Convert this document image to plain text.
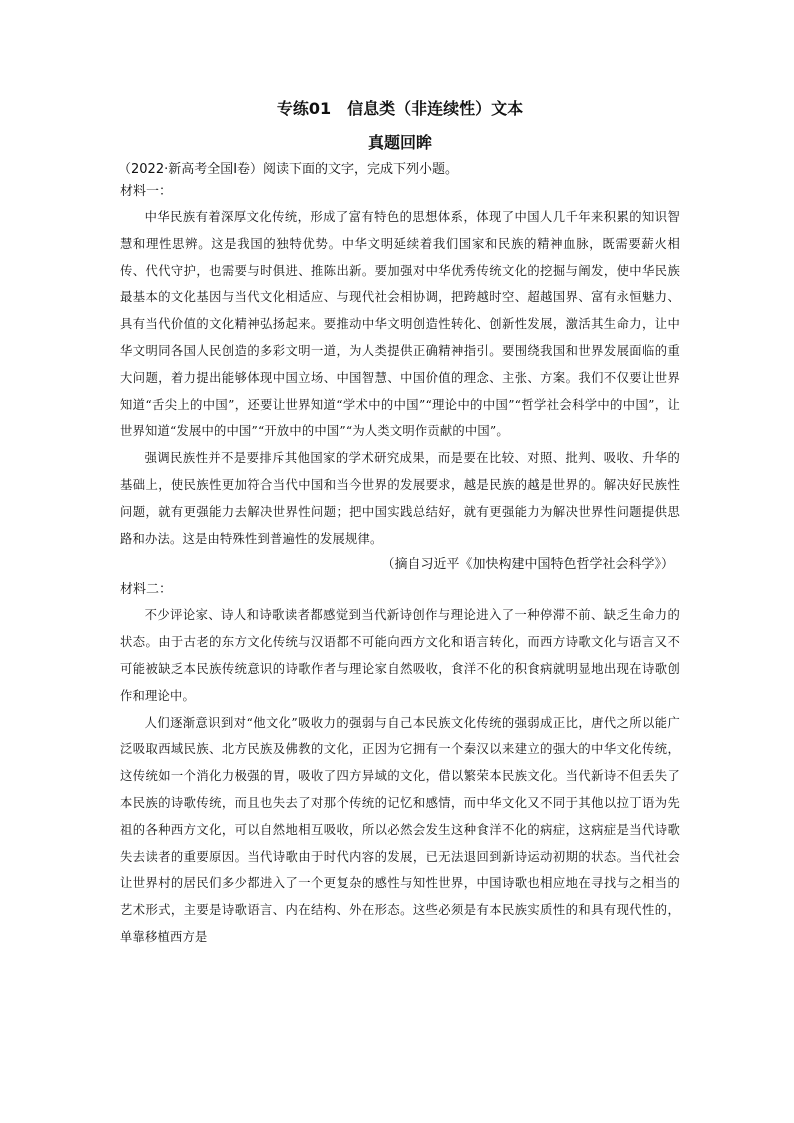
专练01　信息类（非连续性）文本
真题回眸
（2022·新高考全国Ⅰ卷）阅读下面的文字，完成下列小题。
材料一：

中华民族有着深厚文化传统，形成了富有特色的思想体系，体现了中国人几千年来积累的知识智慧和理性思辨。这是我国的独特优势。中华文明延续着我们国家和民族的精神血脉，既需要薪火相传、代代守护，也需要与时俱进、推陈出新。要加强对中华优秀传统文化的挖掘与阐发，使中华民族最基本的文化基因与当代文化相适应、与现代社会相协调，把跨越时空、超越国界、富有永恒魅力、具有当代价值的文化精神弘扬起来。要推动中华文明创造性转化、创新性发展，激活其生命力，让中华文明同各国人民创造的多彩文明一道，为人类提供正确精神指引。要围绕我国和世界发展面临的重大问题，着力提出能够体现中国立场、中国智慧、中国价值的理念、主张、方案。我们不仅要让世界知道“舌尖上的中国”，还要让世界知道“学术中的中国”“理论中的中国”“哲学社会科学中的中国”，让世界知道“发展中的中国”“开放中的中国”“为人类文明作贡献的中国”。

强调民族性并不是要排斥其他国家的学术研究成果，而是要在比较、对照、批判、吸收、升华的基础上，使民族性更加符合当代中国和当今世界的发展要求，越是民族的越是世界的。解决好民族性问题，就有更强能力去解决世界性问题；把中国实践总结好，就有更强能力为解决世界性问题提供思路和办法。这是由特殊性到普遍性的发展规律。

（摘自习近平《加快构建中国特色哲学社会科学》）
材料二：

不少评论家、诗人和诗歌读者都感觉到当代新诗创作与理论进入了一种停滞不前、缺乏生命力的状态。由于古老的东方文化传统与汉语都不可能向西方文化和语言转化，而西方诗歌文化与语言又不可能被缺乏本民族传统意识的诗歌作者与理论家自然吸收，食洋不化的积食病就明显地出现在诗歌创作和理论中。

人们逐渐意识到对“他文化”吸收力的强弱与自己本民族文化传统的强弱成正比，唐代之所以能广泛吸取西域民族、北方民族及佛教的文化，正因为它拥有一个秦汉以来建立的强大的中华文化传统，这传统如一个消化力极强的胃，吸收了四方异域的文化，借以繁荣本民族文化。当代新诗不但丢失了本民族的诗歌传统，而且也失去了对那个传统的记忆和感情，而中华文化又不同于其他以拉丁语为先祖的各种西方文化，可以自然地相互吸收，所以必然会发生这种食洋不化的病症，这病症是当代诗歌失去读者的重要原因。当代诗歌由于时代内容的发展，已无法退回到新诗运动初期的状态。当代社会让世界村的居民们多少都进入了一个更复杂的感性与知性世界，中国诗歌也相应地在寻找与之相当的艺术形式，主要是诗歌语言、内在结构、外在形态。这些必须是有本民族实质性的和具有现代性的，单靠移植西方是
